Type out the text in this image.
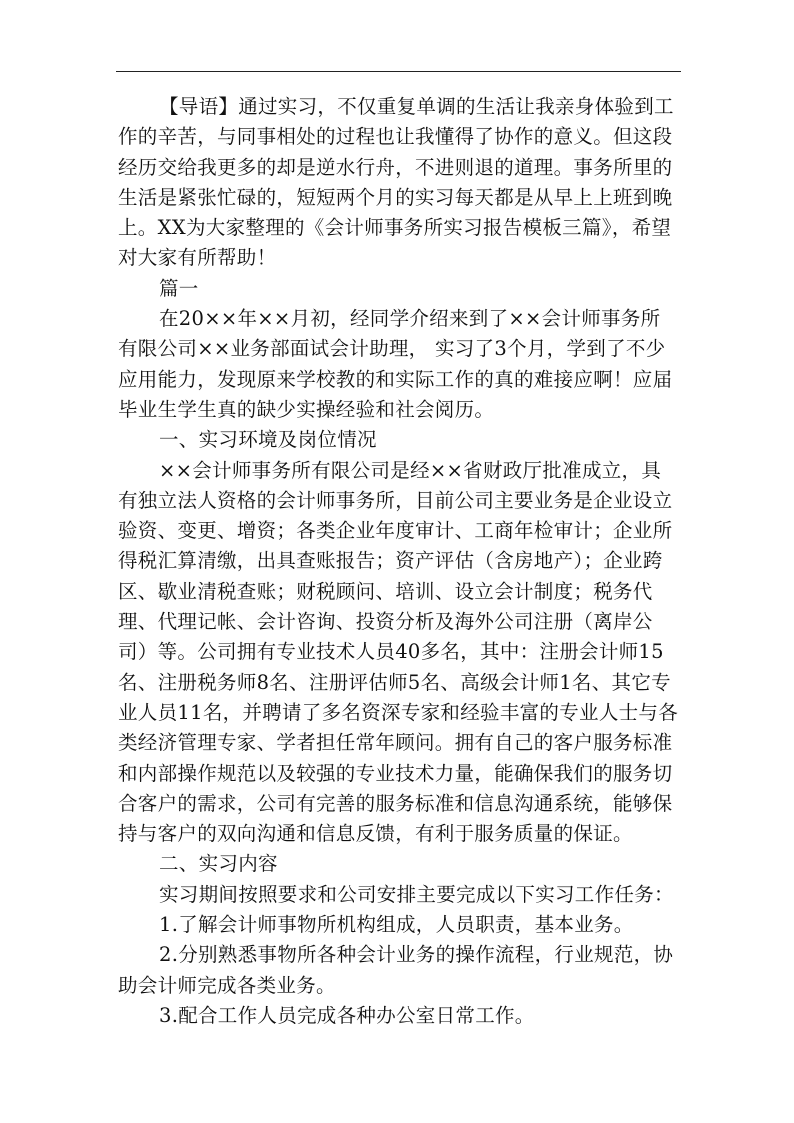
【导语】通过实习，不仅重复单调的生活让我亲身体验到工作的辛苦，与同事相处的过程也让我懂得了协作的意义。但这段经历交给我更多的却是逆水行舟，不进则退的道理。事务所里的生活是紧张忙碌的，短短两个月的实习每天都是从早上上班到晚上。XX为大家整理的《会计师事务所实习报告模板三篇》，希望对大家有所帮助！

篇一

在20××年××月初，经同学介绍来到了××会计师事务所有限公司××业务部面试会计助理， 实习了3个月，学到了不少应用能力，发现原来学校教的和实际工作的真的难接应啊！应届毕业生学生真的缺少实操经验和社会阅历。

一、实习环境及岗位情况

××会计师事务所有限公司是经××省财政厅批准成立，具有独立法人资格的会计师事务所，目前公司主要业务是企业设立验资、变更、增资；各类企业年度审计、工商年检审计；企业所得税汇算清缴，出具查账报告；资产评估（含房地产）；企业跨区、歇业清税查账；财税顾问、培训、设立会计制度；税务代理、代理记帐、会计咨询、投资分析及海外公司注册（离岸公司）等。公司拥有专业技术人员40多名，其中：注册会计师15名、注册税务师8名、注册评估师5名、高级会计师1名、其它专业人员11名，并聘请了多名资深专家和经验丰富的专业人士与各类经济管理专家、学者担任常年顾问。拥有自己的客户服务标准和内部操作规范以及较强的专业技术力量，能确保我们的服务切合客户的需求，公司有完善的服务标准和信息沟通系统，能够保持与客户的双向沟通和信息反馈，有利于服务质量的保证。

二、实习内容

实习期间按照要求和公司安排主要完成以下实习工作任务：

1.了解会计师事物所机构组成，人员职责，基本业务。

2.分别熟悉事物所各种会计业务的操作流程，行业规范，协助会计师完成各类业务。

3.配合工作人员完成各种办公室日常工作。
